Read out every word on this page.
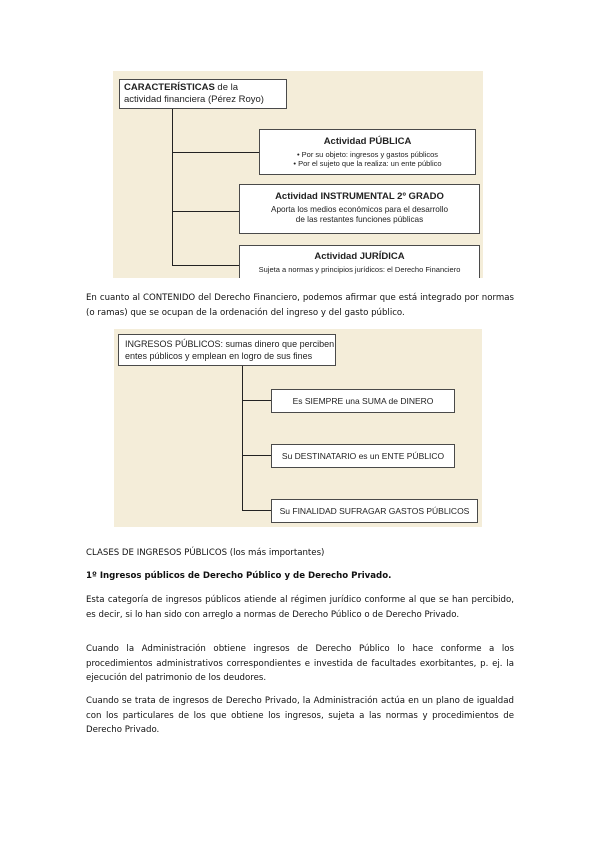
CARACTERÍSTICAS de la
actividad financiera (Pérez Royo)
Actividad PÚBLICA
• Por su objeto: ingresos y gastos públicos
• Por el sujeto que la realiza: un ente público
Actividad INSTRUMENTAL 2º GRADO
Aporta los medios económicos para el desarrollo
de las restantes funciones públicas
Actividad JURÍDICA
Sujeta a normas y principios jurídicos: el Derecho Financiero

En cuanto al CONTENIDO del Derecho Financiero, podemos afirmar que está integrado por normas (o ramas) que se ocupan de la ordenación del ingreso y del gasto público.

INGRESOS PÚBLICOS: sumas dinero que perciben
entes públicos y emplean en logro de sus fines
Es SIEMPRE una SUMA de DINERO
Su DESTINATARIO es un ENTE PÚBLICO
Su FINALIDAD SUFRAGAR GASTOS PÚBLICOS

CLASES DE INGRESOS PÚBLICOS (los más importantes)

1º Ingresos públicos de Derecho Público y de Derecho Privado.

Esta categoría de ingresos públicos atiende al régimen jurídico conforme al que se han percibido, es decir, si lo han sido con arreglo a normas de Derecho Público o de Derecho Privado.

Cuando la Administración obtiene ingresos de Derecho Público lo hace conforme a los procedimientos administrativos correspondientes e investida de facultades exorbitantes, p. ej. la ejecución del patrimonio de los deudores.

Cuando se trata de ingresos de Derecho Privado, la Administración actúa en un plano de igualdad con los particulares de los que obtiene los ingresos, sujeta a las normas y procedimientos de Derecho Privado.
